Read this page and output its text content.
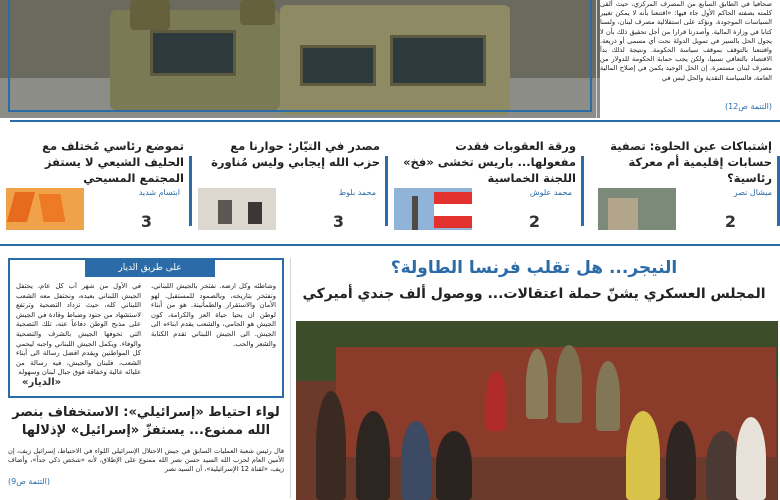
صحافيا في الطابق السابع من المصرف المركزي، حيث ألقى كلمته بصفته الحاكم الأول جاء فيها: «اقتنعنا بأنه لا يمكن تغيير السياسات الموجودة. ونؤكد على استقلالية مصرف لبنان، ولسنا كتابا في وزارة المالية. وأصدرنا قرارا من أجل تحقيق ذلك بأن لا يجول الحل بالسير في تمويل الدولة نحت أي مسمى أو ذريعة. واقتنعنا بالتوقف بموقف سياسة الحكومة. ونتيجة لذلك بدأ الاقتصاد بالتعافي نسبيا، ولكن يجب حماية الحكومة للدولار من مصرف لبنان مستمرة. إن الحل الوحيد يكمن في إصلاح المالية العامة، فالسياسة النقدية والحل ليس في
(التتمة ص12)
إشتباكات عين الحلوة: تصفية حسابات إقليمية أم معركة رئاسية؟
ميشال نصر
2
ورقة العقوبات فقدت مفعولها... باريس تخشى «فخ» اللجنة الخماسية
محمد علوش
2
مصدر في التيّار: حوارنا مع حزب الله إيجابي وليس مُناورة
محمد بلوط
3
تموضع رئاسي مُختلف مع الحليف الشيعي لا يستفز المجتمع المسيحي
ابتسام شديد
3
على طريق الديار
وشاطئه وكل ارضه. نفتخر بالجيش اللبناني، ونفتخر بتاريخه، وبالصمود للمستقبل. لهو الأمان والاستقرار والطمأنينة. هو من أبناء لوطن ان يحيا حياة العز والكرامة، كون الجيش هو الحامي، والشعب يقدم ابناءه الى الجيش. الى الجيش اللبناني تقدم الكتابة والشعر والحب.
في الأول من شهر آب كل عام، يحتفل الجيش اللبناني بعيده، ونحتفل معه الشعب اللبناني كله، حيث تزداد التضحية وترتفع لاستشهاد من جنود وضباط وقادة في الجيش على مذبح الوطن دفاعاً عنه، تلك التضحية التي تخوفها الجيش بالشرف والتضحية والوفاء. ويكمل الجيش اللبناني واجبه ليحمي كل المواطنين ويقدم افضل رسالة الى أبناء الشعب، فلبنان والجيش، فيه رسالة من عليائه عالية وخفاقة فوق جبال لبنان وسهوله
«الديار»
لواء احتياط «إسرائيلي»: الاستخفاف بنصر الله ممنوع... يستفزّ «إسرائيل» لإذلالها
قال رئيس شعبة العمليات السابق في جيش الاحتلال الإسرائيلي اللواء في الاحتياط، إسرائيل زيف، إن الأمين العام لحزب الله السيد حسن نصر الله ممنوع على الإطلاق، لأنه «شخص ذكي جداً»، وأضاف زيف، «لقناة 12 الإسرائيلية»، أن السيد نصر
(التتمة ص9)
النيجر... هل تقلب فرنسا الطاولة؟
المجلس العسكري يشنّ حملة اعتقالات... ووصول ألف جندي أميركي
